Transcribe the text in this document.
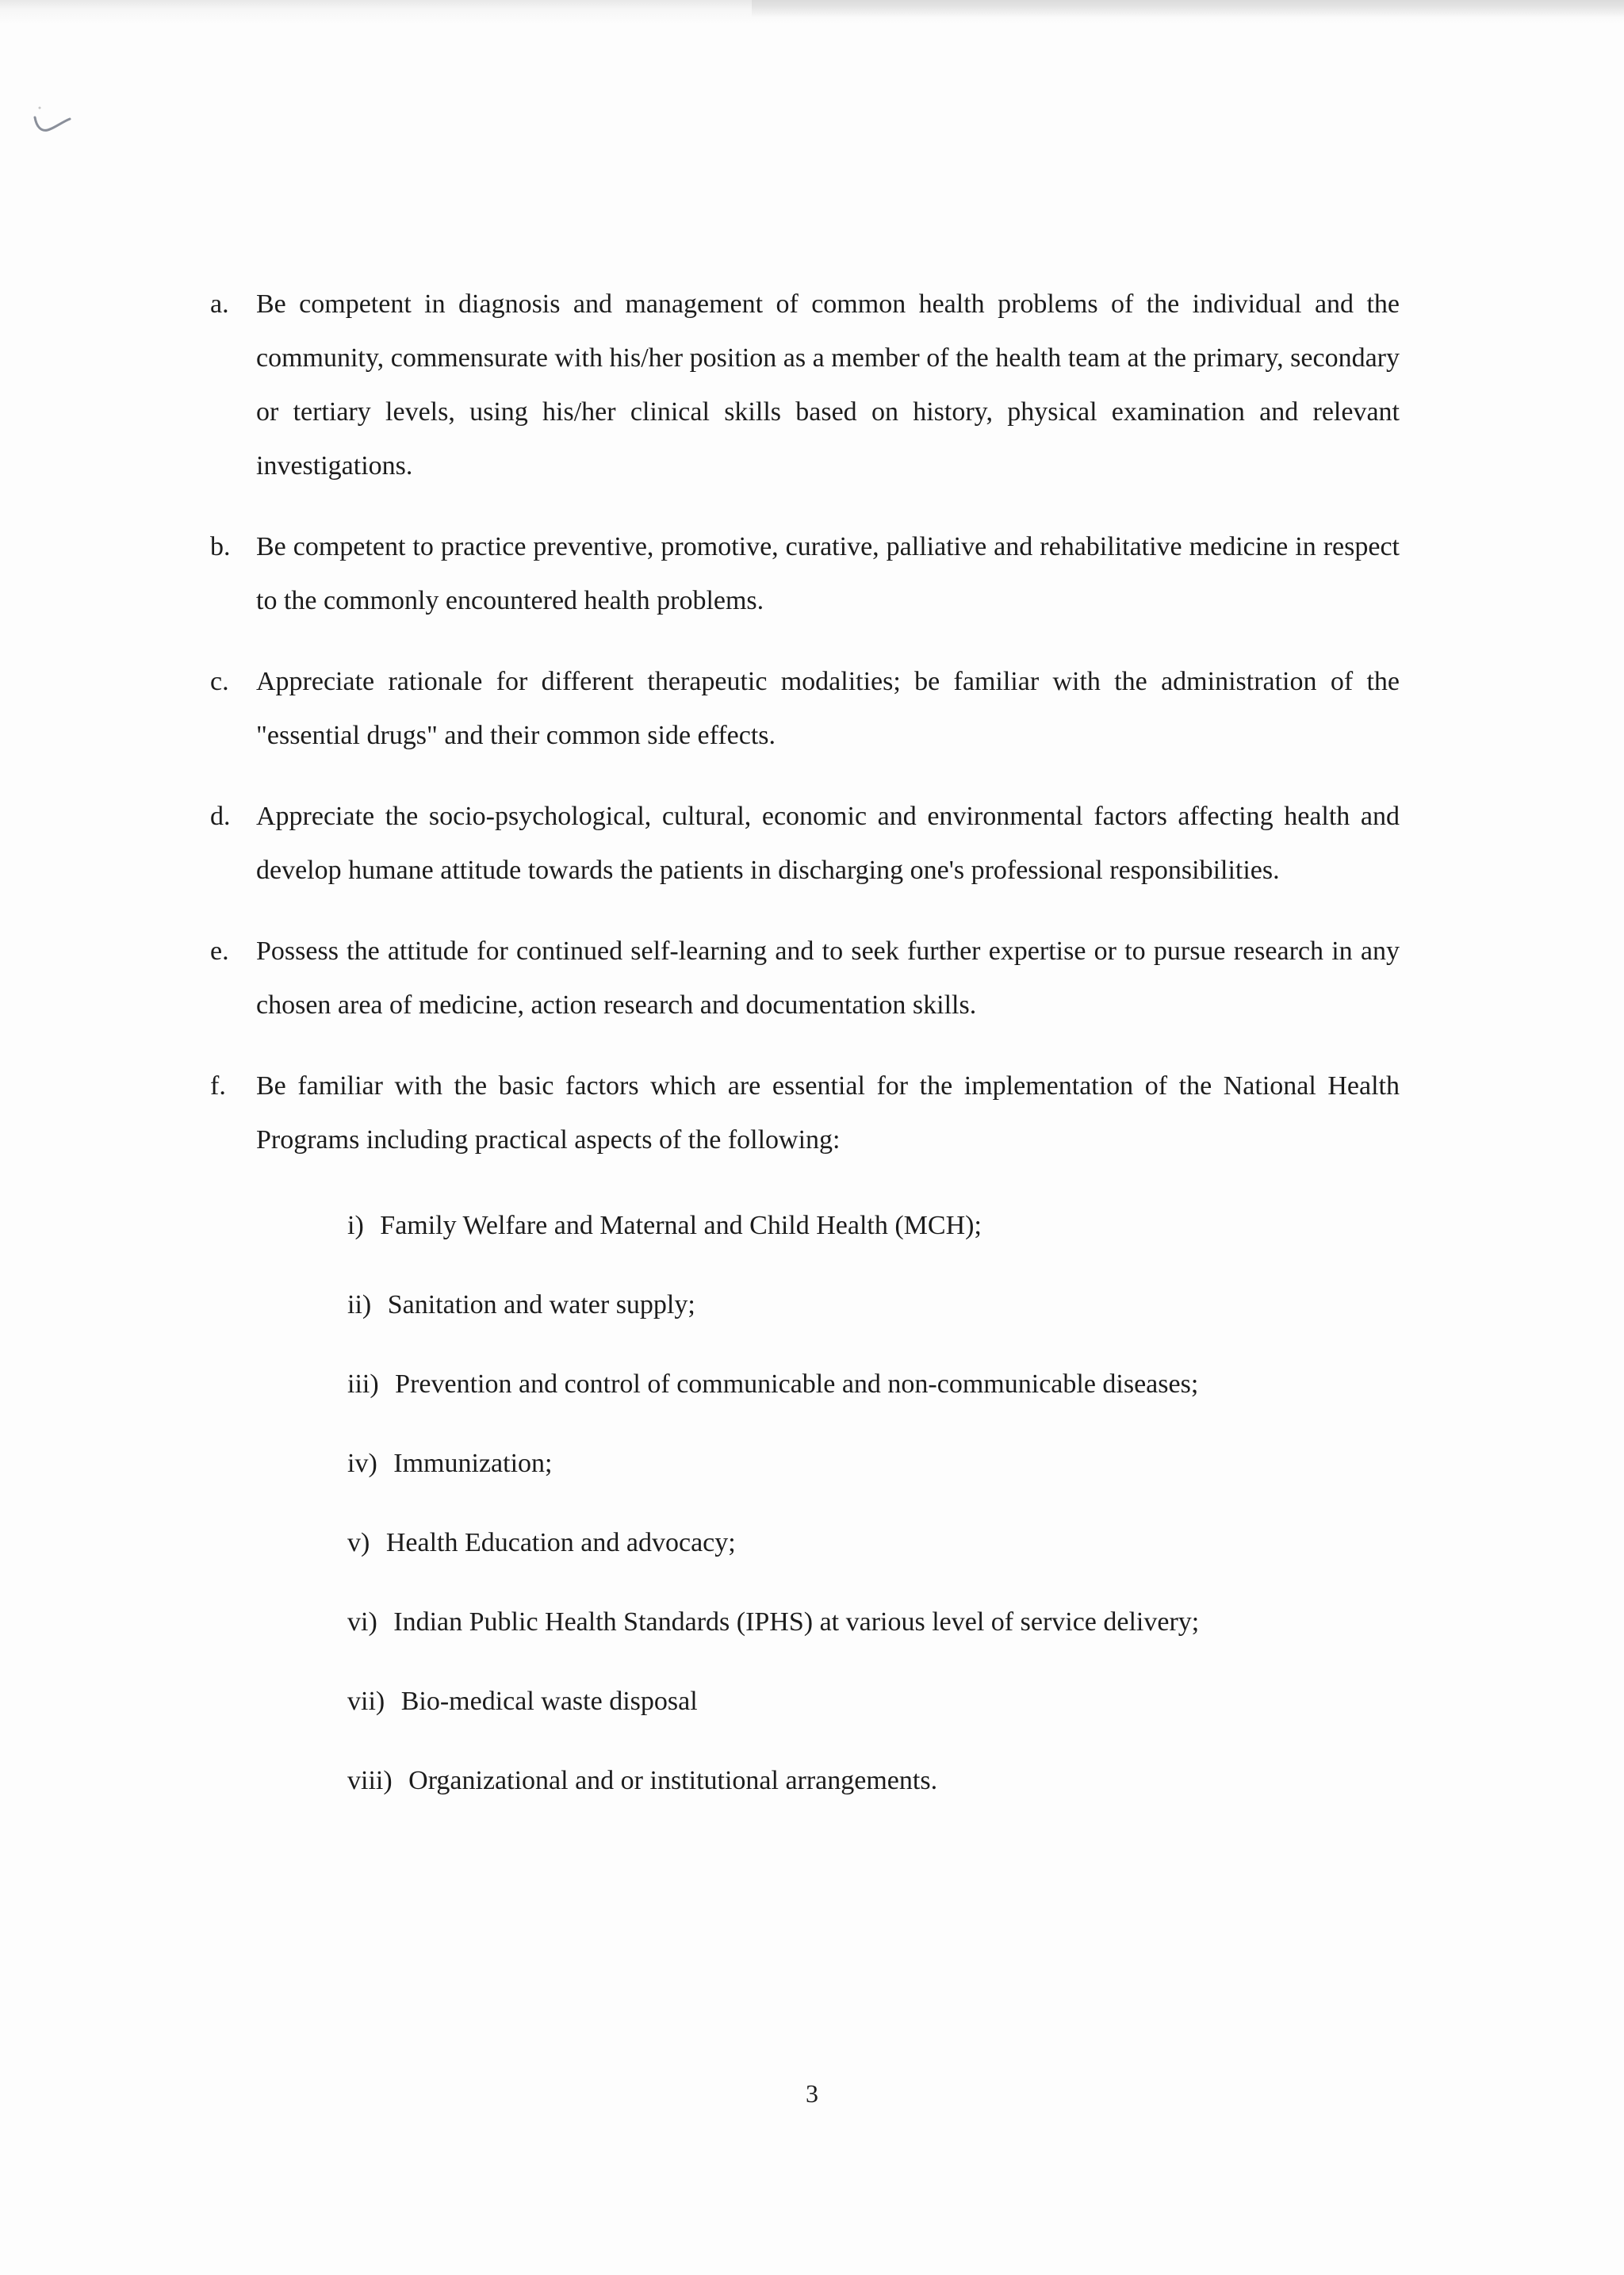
a. Be competent in diagnosis and management of common health problems of the individual and the community, commensurate with his/her position as a member of the health team at the primary, secondary or tertiary levels, using his/her clinical skills based on history, physical examination and relevant investigations.
b. Be competent to practice preventive, promotive, curative, palliative and rehabilitative medicine in respect to the commonly encountered health problems.
c. Appreciate rationale for different therapeutic modalities; be familiar with the administration of the "essential drugs" and their common side effects.
d. Appreciate the socio-psychological, cultural, economic and environmental factors affecting health and develop humane attitude towards the patients in discharging one's professional responsibilities.
e. Possess the attitude for continued self-learning and to seek further expertise or to pursue research in any chosen area of medicine, action research and documentation skills.
f. Be familiar with the basic factors which are essential for the implementation of the National Health Programs including practical aspects of the following:
i) Family Welfare and Maternal and Child Health (MCH);
ii) Sanitation and water supply;
iii) Prevention and control of communicable and non-communicable diseases;
iv) Immunization;
v) Health Education and advocacy;
vi) Indian Public Health Standards (IPHS) at various level of service delivery;
vii) Bio-medical waste disposal
viii) Organizational and or institutional arrangements.
3
